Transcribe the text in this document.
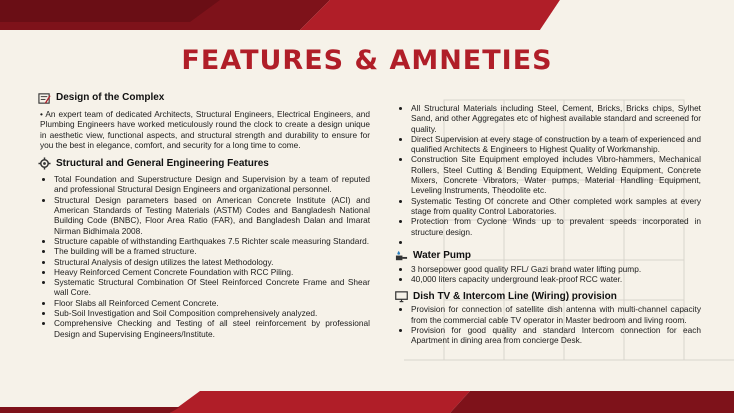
FEATURES & AMNETIES
Design of the Complex

• An expert team of dedicated Architects, Structural Engineers, Electrical Engineers, and Plumbing Engineers have worked meticulously round the clock to create a design unique in aesthetic view, functional aspects, and structural strength and durability to ensure for you the best in elegance, comfort, and security for a long time to come.

Structural and General Engineering Features
• Total Foundation and Superstructure Design and Supervision by a team of reputed and professional Structural Design Engineers and organizational personnel.
• Structural Design parameters based on American Concrete Institute (ACI) and American Standards of Testing Materials (ASTM) Codes and Bangladesh National Building Code (BNBC), Floor Area Ratio (FAR), and Bangladesh Dalan and Imarat Nirman Bidhimala 2008.
• Structure capable of withstanding Earthquakes 7.5 Richter scale measuring Standard.
• The building will be a framed structure.
• Structural Analysis of design utilizes the latest Methodology.
• Heavy Reinforced Cement Concrete Foundation with RCC Piling.
• Systematic Structural Combination Of Steel Reinforced Concrete Frame and Shear wall Core.
• Floor Slabs all Reinforced Cement Concrete.
• Sub-Soil Investigation and Soil Composition comprehensively analyzed.
• Comprehensive Checking and Testing of all steel reinforcement by professional Design and Supervising Engineers/Institute.
• All Structural Materials including Steel, Cement, Bricks, Bricks chips, Sylhet Sand, and other Aggregates etc of highest available standard and screened for quality.
• Direct Supervision at every stage of construction by a team of experienced and qualified Architects & Engineers to Highest Quality of Workmanship.
• Construction Site Equipment employed includes Vibro-hammers, Mechanical Rollers, Steel Cutting & Bending Equipment, Welding Equipment, Concrete Mixers, Concrete Vibrators, Water pumps, Material Handling Equipment, Leveling Instruments, Theodolite etc.
• Systematic Testing Of concrete and Other completed work samples at every stage from quality Control Laboratories.
• Protection from Cyclone Winds up to prevalent speeds incorporated in structure design.
•
Water Pump
• 3 horsepower good quality RFL/ Gazi brand water lifting pump.
• 40,000 liters capacity underground leak-proof RCC water.
Dish TV & Intercom Line (Wiring) provision
• Provision for connection of satellite dish antenna with multi-channel capacity from the commercial cable TV operator in Master bedroom and living room.
• Provision for good quality and standard Intercom connection for each Apartment in dining area from concierge Desk.
